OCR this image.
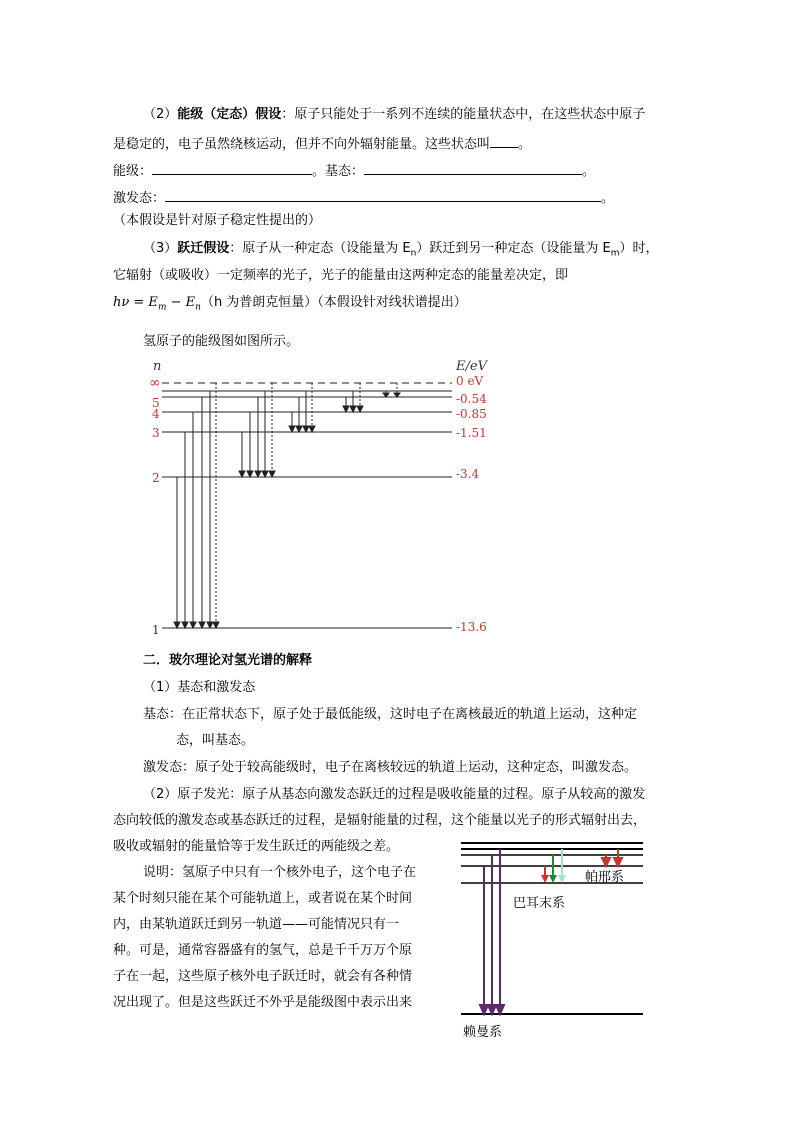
（2）能级（定态）假设：原子只能处于一系列不连续的能量状态中，在这些状态中原子
是稳定的，电子虽然绕核运动，但并不向外辐射能量。这些状态叫 。
能级：	。基态：	。
激发态：	。
（本假设是针对原子稳定性提出的）
（3）跃迁假设：原子从一种定态（设能量为 $E_n$）跃迁到另一种定态（设能量为 $E_m$）时，
它辐射（或吸收）一定频率的光子，光子的能量由这两种定态的能量差决定，即
$h\nu = E_m - E_n(h$ 为普朗克恒量）（本假设针对线状谱提出）
氢原子的能级图如图所示。
n	E/eV
∞
5
4
3
2
1
0 eV
-0.54
-0.85
-1.51
-3.4
-13.6
二．玻尔理论对氢光谱的解释
（1）基态和激发态
基态：在正常状态下，原子处于最低能级，这时电子在离核最近的轨道上运动，这种定
态，叫基态。
激发态：原子处于较高能级时，电子在离核较远的轨道上运动，这种定态，叫激发态。
（2）原子发光：原子从基态向激发态跃迁的过程是吸收能量的过程。原子从较高的激发
态向较低的激发态或基态跃迁的过程，是辐射能量的过程，这个能量以光子的形式辐射出去，
吸收或辐射的能量恰等于发生跃迁的两能级之差。
说明：氢原子中只有一个核外电子，这个电子在
某个时刻只能在某个可能轨道上，或者说在某个时间
内，由某轨道跃迁到另一轨道——可能情况只有一
种。可是，通常容器盛有的氢气，总是千千万万个原
子在一起，这些原子核外电子跃迁时，就会有各种情
况出现了。但是这些跃迁不外乎是能级图中表示出来
帕邢系
巴耳末系
赖曼系
